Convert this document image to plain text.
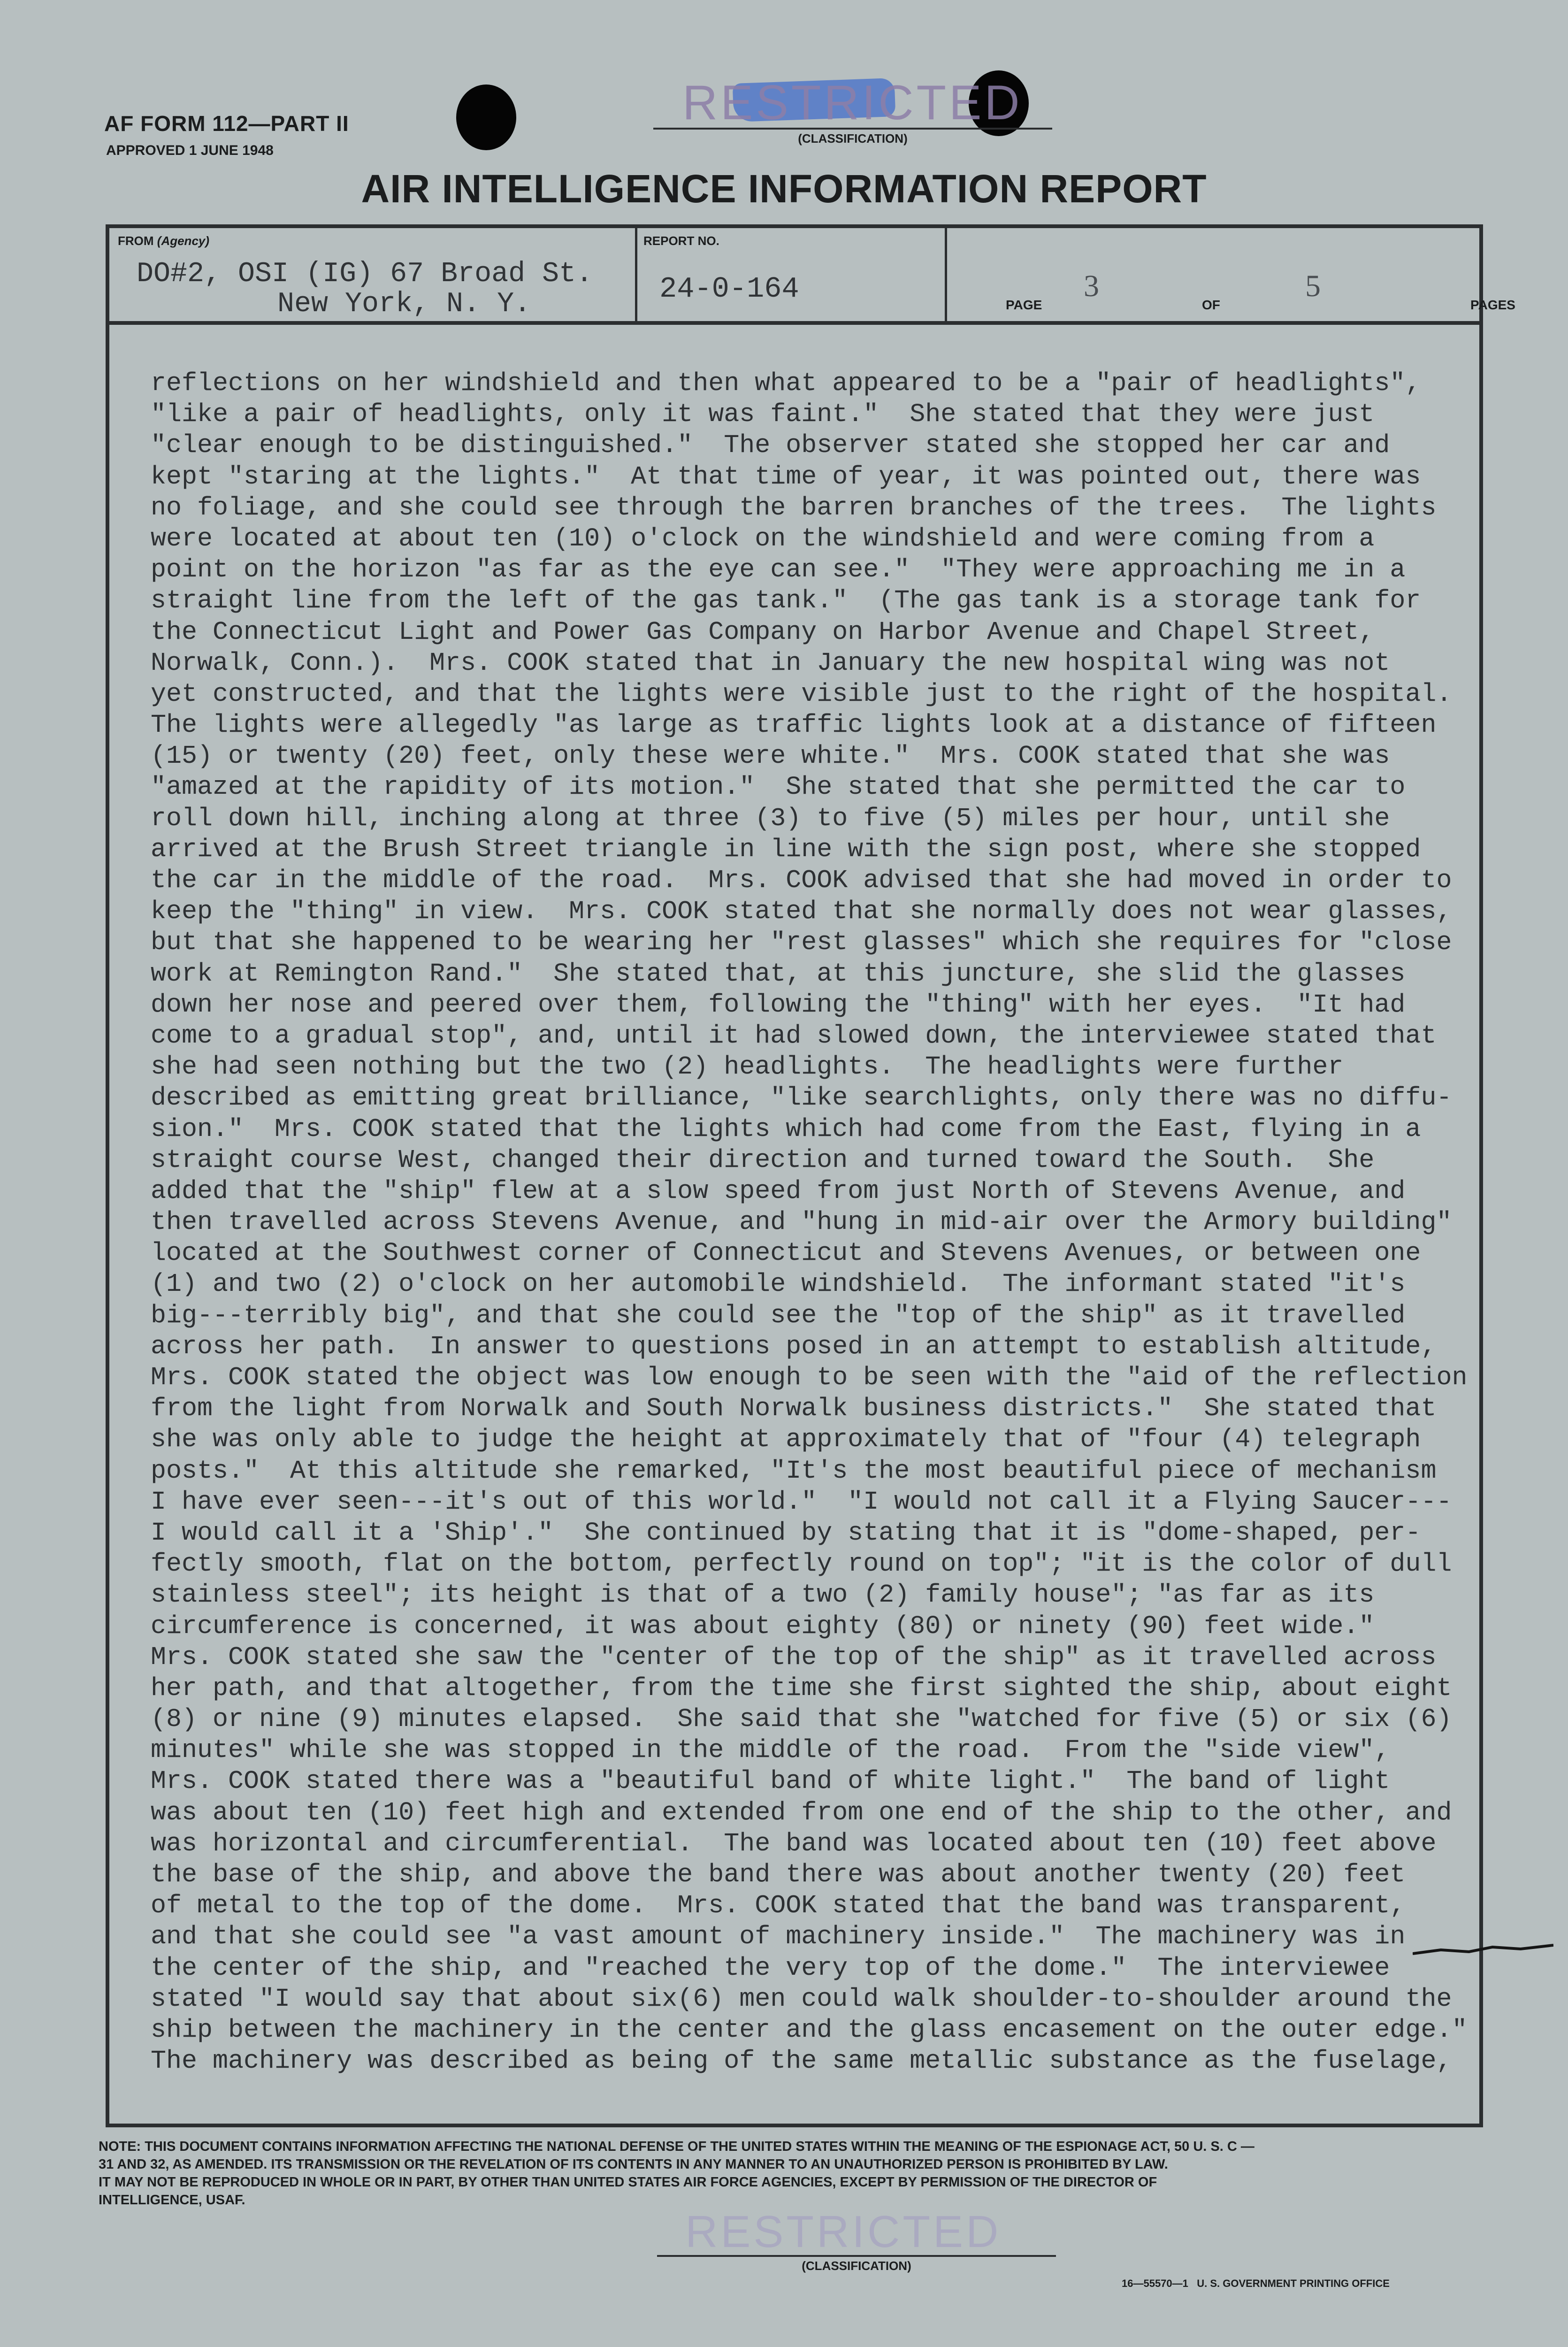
AF FORM 112—PART II
APPROVED 1 JUNE 1948
RESTRICTED
(CLASSIFICATION)
AIR INTELLIGENCE INFORMATION REPORT
FROM (Agency)
DO#2, OSI (IG) 67 Broad St.
New York, N. Y.
REPORT NO.
24-0-164	PAGE
3
OF
5
PAGES
reflections on her windshield and then what appeared to be a "pair of headlights",
"like a pair of headlights, only it was faint."  She stated that they were just
"clear enough to be distinguished."  The observer stated she stopped her car and
kept "staring at the lights."  At that time of year, it was pointed out, there was
no foliage, and she could see through the barren branches of the trees.  The lights
were located at about ten (10) o'clock on the windshield and were coming from a
point on the horizon "as far as the eye can see."  "They were approaching me in a
straight line from the left of the gas tank."  (The gas tank is a storage tank for
the Connecticut Light and Power Gas Company on Harbor Avenue and Chapel Street,
Norwalk, Conn.).  Mrs. COOK stated that in January the new hospital wing was not
yet constructed, and that the lights were visible just to the right of the hospital.
The lights were allegedly "as large as traffic lights look at a distance of fifteen
(15) or twenty (20) feet, only these were white."  Mrs. COOK stated that she was
"amazed at the rapidity of its motion."  She stated that she permitted the car to
roll down hill, inching along at three (3) to five (5) miles per hour, until she
arrived at the Brush Street triangle in line with the sign post, where she stopped
the car in the middle of the road.  Mrs. COOK advised that she had moved in order to
keep the "thing" in view.  Mrs. COOK stated that she normally does not wear glasses,
but that she happened to be wearing her "rest glasses" which she requires for "close
work at Remington Rand."  She stated that, at this juncture, she slid the glasses
down her nose and peered over them, following the "thing" with her eyes.  "It had
come to a gradual stop", and, until it had slowed down, the interviewee stated that
she had seen nothing but the two (2) headlights.  The headlights were further
described as emitting great brilliance, "like searchlights, only there was no diffu-
sion."  Mrs. COOK stated that the lights which had come from the East, flying in a
straight course West, changed their direction and turned toward the South.  She
added that the "ship" flew at a slow speed from just North of Stevens Avenue, and
then travelled across Stevens Avenue, and "hung in mid-air over the Armory building"
located at the Southwest corner of Connecticut and Stevens Avenues, or between one
(1) and two (2) o'clock on her automobile windshield.  The informant stated "it's
big---terribly big", and that she could see the "top of the ship" as it travelled
across her path.  In answer to questions posed in an attempt to establish altitude,
Mrs. COOK stated the object was low enough to be seen with the "aid of the reflection
from the light from Norwalk and South Norwalk business districts."  She stated that
she was only able to judge the height at approximately that of "four (4) telegraph
posts."  At this altitude she remarked, "It's the most beautiful piece of mechanism
I have ever seen---it's out of this world."  "I would not call it a Flying Saucer---
I would call it a 'Ship'."  She continued by stating that it is "dome-shaped, per-
fectly smooth, flat on the bottom, perfectly round on top"; "it is the color of dull
stainless steel"; its height is that of a two (2) family house"; "as far as its
circumference is concerned, it was about eighty (80) or ninety (90) feet wide."
Mrs. COOK stated she saw the "center of the top of the ship" as it travelled across
her path, and that altogether, from the time she first sighted the ship, about eight
(8) or nine (9) minutes elapsed.  She said that she "watched for five (5) or six (6)
minutes" while she was stopped in the middle of the road.  From the "side view",
Mrs. COOK stated there was a "beautiful band of white light."  The band of light
was about ten (10) feet high and extended from one end of the ship to the other, and
was horizontal and circumferential.  The band was located about ten (10) feet above
the base of the ship, and above the band there was about another twenty (20) feet
of metal to the top of the dome.  Mrs. COOK stated that the band was transparent,
and that she could see "a vast amount of machinery inside."  The machinery was in
the center of the ship, and "reached the very top of the dome."  The interviewee
stated "I would say that about six(6) men could walk shoulder-to-shoulder around the
ship between the machinery in the center and the glass encasement on the outer edge."
The machinery was described as being of the same metallic substance as the fuselage,
NOTE: THIS DOCUMENT CONTAINS INFORMATION AFFECTING THE NATIONAL DEFENSE OF THE UNITED STATES WITHIN THE MEANING OF THE ESPIONAGE ACT, 50 U. S. C —
31 AND 32, AS AMENDED. ITS TRANSMISSION OR THE REVELATION OF ITS CONTENTS IN ANY MANNER TO AN UNAUTHORIZED PERSON IS PROHIBITED BY LAW.
IT MAY NOT BE REPRODUCED IN WHOLE OR IN PART, BY OTHER THAN UNITED STATES AIR FORCE AGENCIES, EXCEPT BY PERMISSION OF THE DIRECTOR OF
INTELLIGENCE, USAF.
RESTRICTED
(CLASSIFICATION)
16—55570—1   U. S. GOVERNMENT PRINTING OFFICE
